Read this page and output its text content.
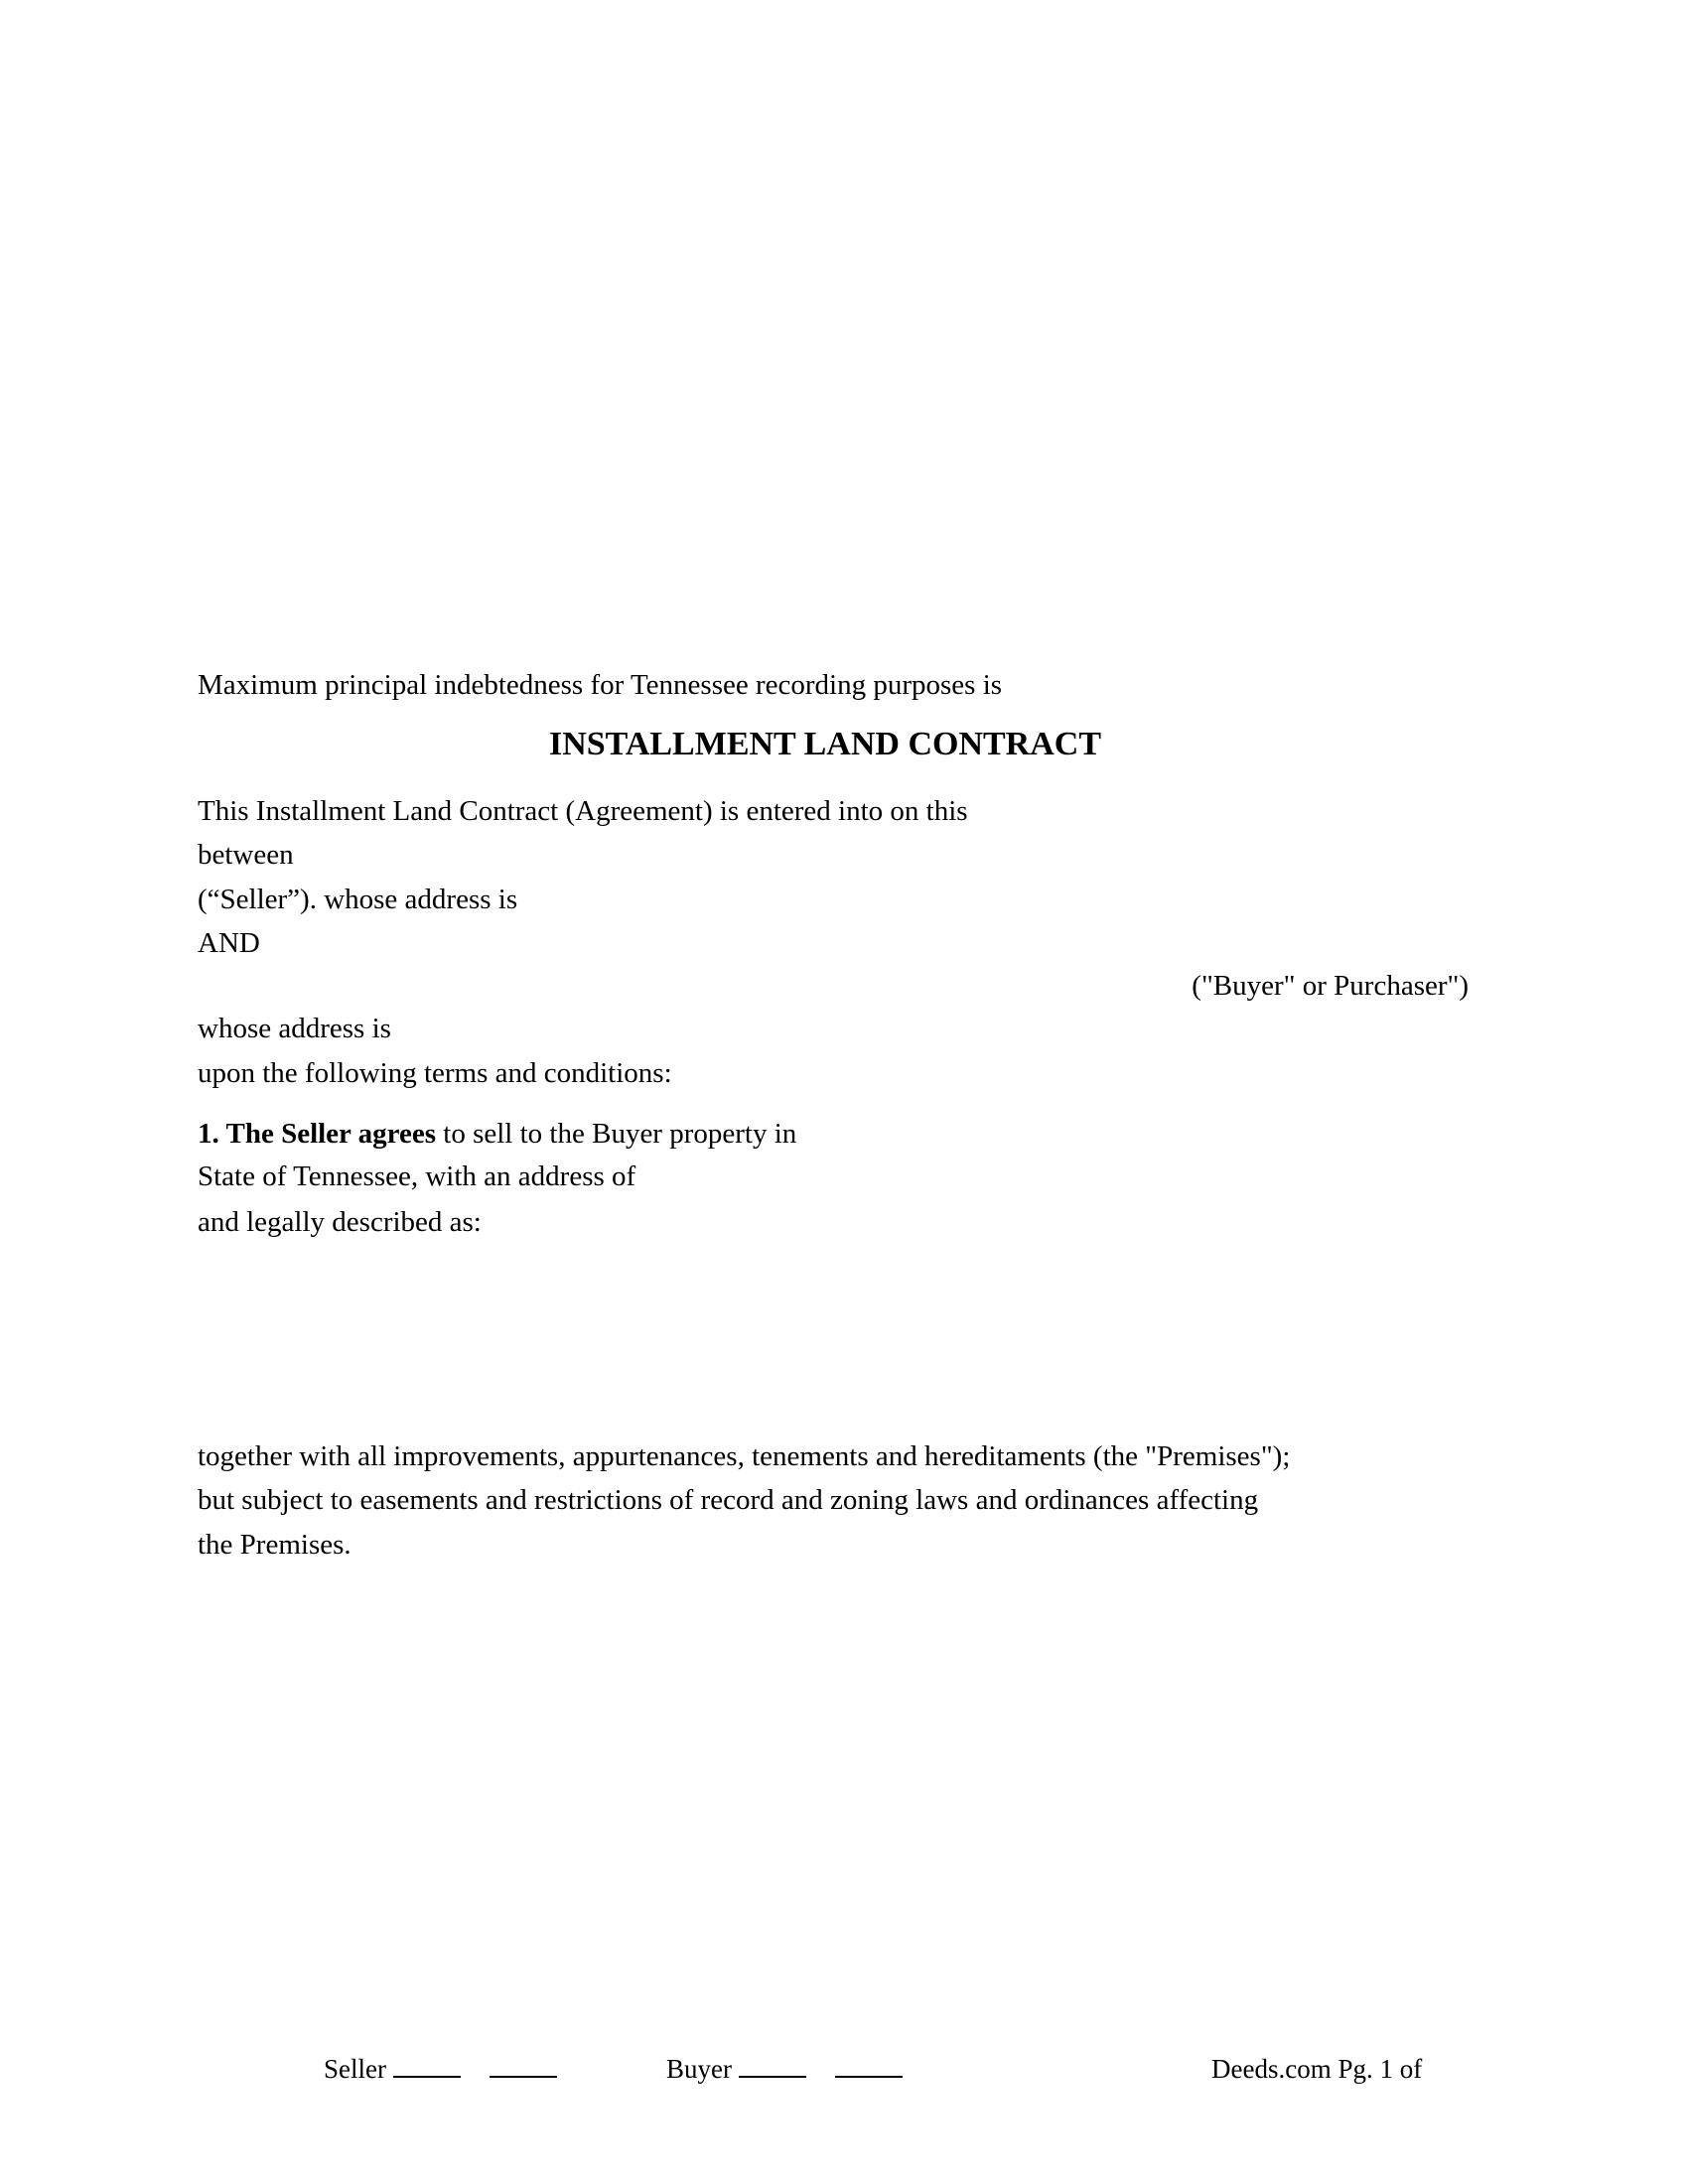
Maximum principal indebtedness for Tennessee recording purposes is
INSTALLMENT LAND CONTRACT
This Installment Land Contract (Agreement) is entered into on this
between
(“Seller”). whose address is
AND
("Buyer" or Purchaser")
whose address is
upon the following terms and conditions:
1. The Seller agrees to sell to the Buyer property in
State of Tennessee, with an address of
and legally described as:
together with all improvements, appurtenances, tenements and hereditaments (the "Premises");
but subject to easements and restrictions of record and zoning laws and ordinances affecting
the Premises.
Seller	Buyer	Deeds.com Pg. 1 of
